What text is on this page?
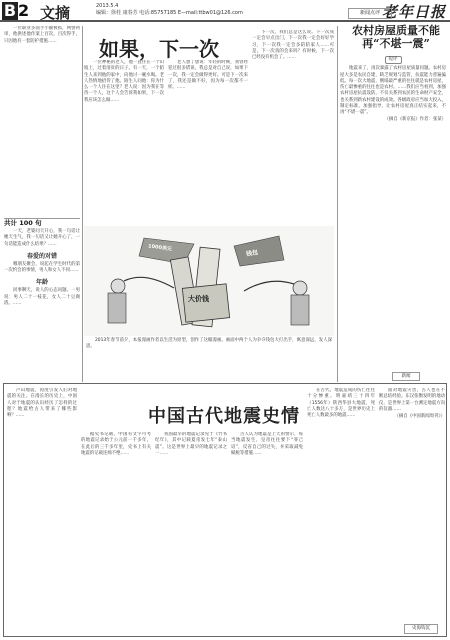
B 2 文摘	2013.5.4
编辑：徐桂 康春芳 电话:85757185 E—mail:ttbw01@126.com	老年日报

一位职业多面手小偷被抓，网警初审，他供述他作案上百次，百次得手，只因他有一套防护措施……

共计 100 句

一天，老婆问天开心，我一句话让她天生气，我一句话又让她开心了，一句话能造成什么结果？……

春爱的对错

哪朋友聚会，说起在学生时代的第一次约会的事情，男人和女人不同……

年龄

同事聊天，说人的心态问题。一男说：男人二十一枝花，女人二十豆腐渣。……

如果，下一次

一位神秘的老人，他一直住在一个山坡上，过着清贫的日子。有一天，一个陌生人来到他的家中，向他讨一碗水喝。老人热情地招待了他。陌生人问他：你为什么一个人住在这里？老人说：因为我在等待一个人，这个人会告诉我如果，下一次我应该怎么做……

老人想了想说：年轻的时候，我曾经犯过很多错误，我总是对自己说，如果下一次，我一定会做得更好。可是下一次来了，我还是做不好，因为每一次都不一样。……

下一次，我们总是这么说。下一次我一定会早点出门，下一次我一定会好好学习，下一次我一定会多陪陪家人……可是，下一次真的会来吗？有时候，下一次已经没有机会了。……

大价钱
1000美元
钱包

2013年春节前夕，本报漫画作者以生活为原型，创作了这幅漫画。画面中两个人为争夺钱包大打出手，寓意深远，发人深思。

新闻点评
农村房屋质量不能再“不堪一震”
短评

地震来了，再次暴露了农村房屋质量问题。农村房屋大多是农民自建，缺乏规划与监管，抗震能力普遍偏低。每一次大地震，倒塌最严重的往往就是农村房屋，伤亡最惨重的往往也是农村。……我们应当看到，加强农村房屋抗震设防，不仅关系到农民的生命财产安全，也关系到新农村建设的成效。各级政府应当加大投入，制定标准，加强指导，让农村房屋真正结实起来，不再“不堪一震”。

（摘自《新京报》作者：张某）

新闻
中国古代地震史情

芦山地震，再度引发人们对地震的关注。在漫长的历史上，中国人对于地震的认识经历了怎样的过程？地震给古人带来了哪些影响？……

据史书记载，中国有文字可考的地震记录始于公元前一千多年，在此后的三千多年里，史书上有关地震的记载连绵不绝……

我国最早的地震记录见于《竹书纪年》，其中记载夏帝发七年“泰山震”。这是世界上最早的地震记录之一……

古人认为地震是上天的警示，每当地震发生，皇帝往往要下“罪己诏”，反省自己的过失，并采取减免赋税等措施……

在古代，地震造成的伤亡往往十分惨重。明嘉靖三十四年（1556年）陕西华县大地震，死亡人数达八十多万，是世界历史上死亡人数最多的地震……

面对地震灾害，古人也在不断总结经验。东汉张衡发明的地动仪，是世界上第一台测定地震方向的仪器……

（摘自《中国新闻周刊》）

史海钩沉
